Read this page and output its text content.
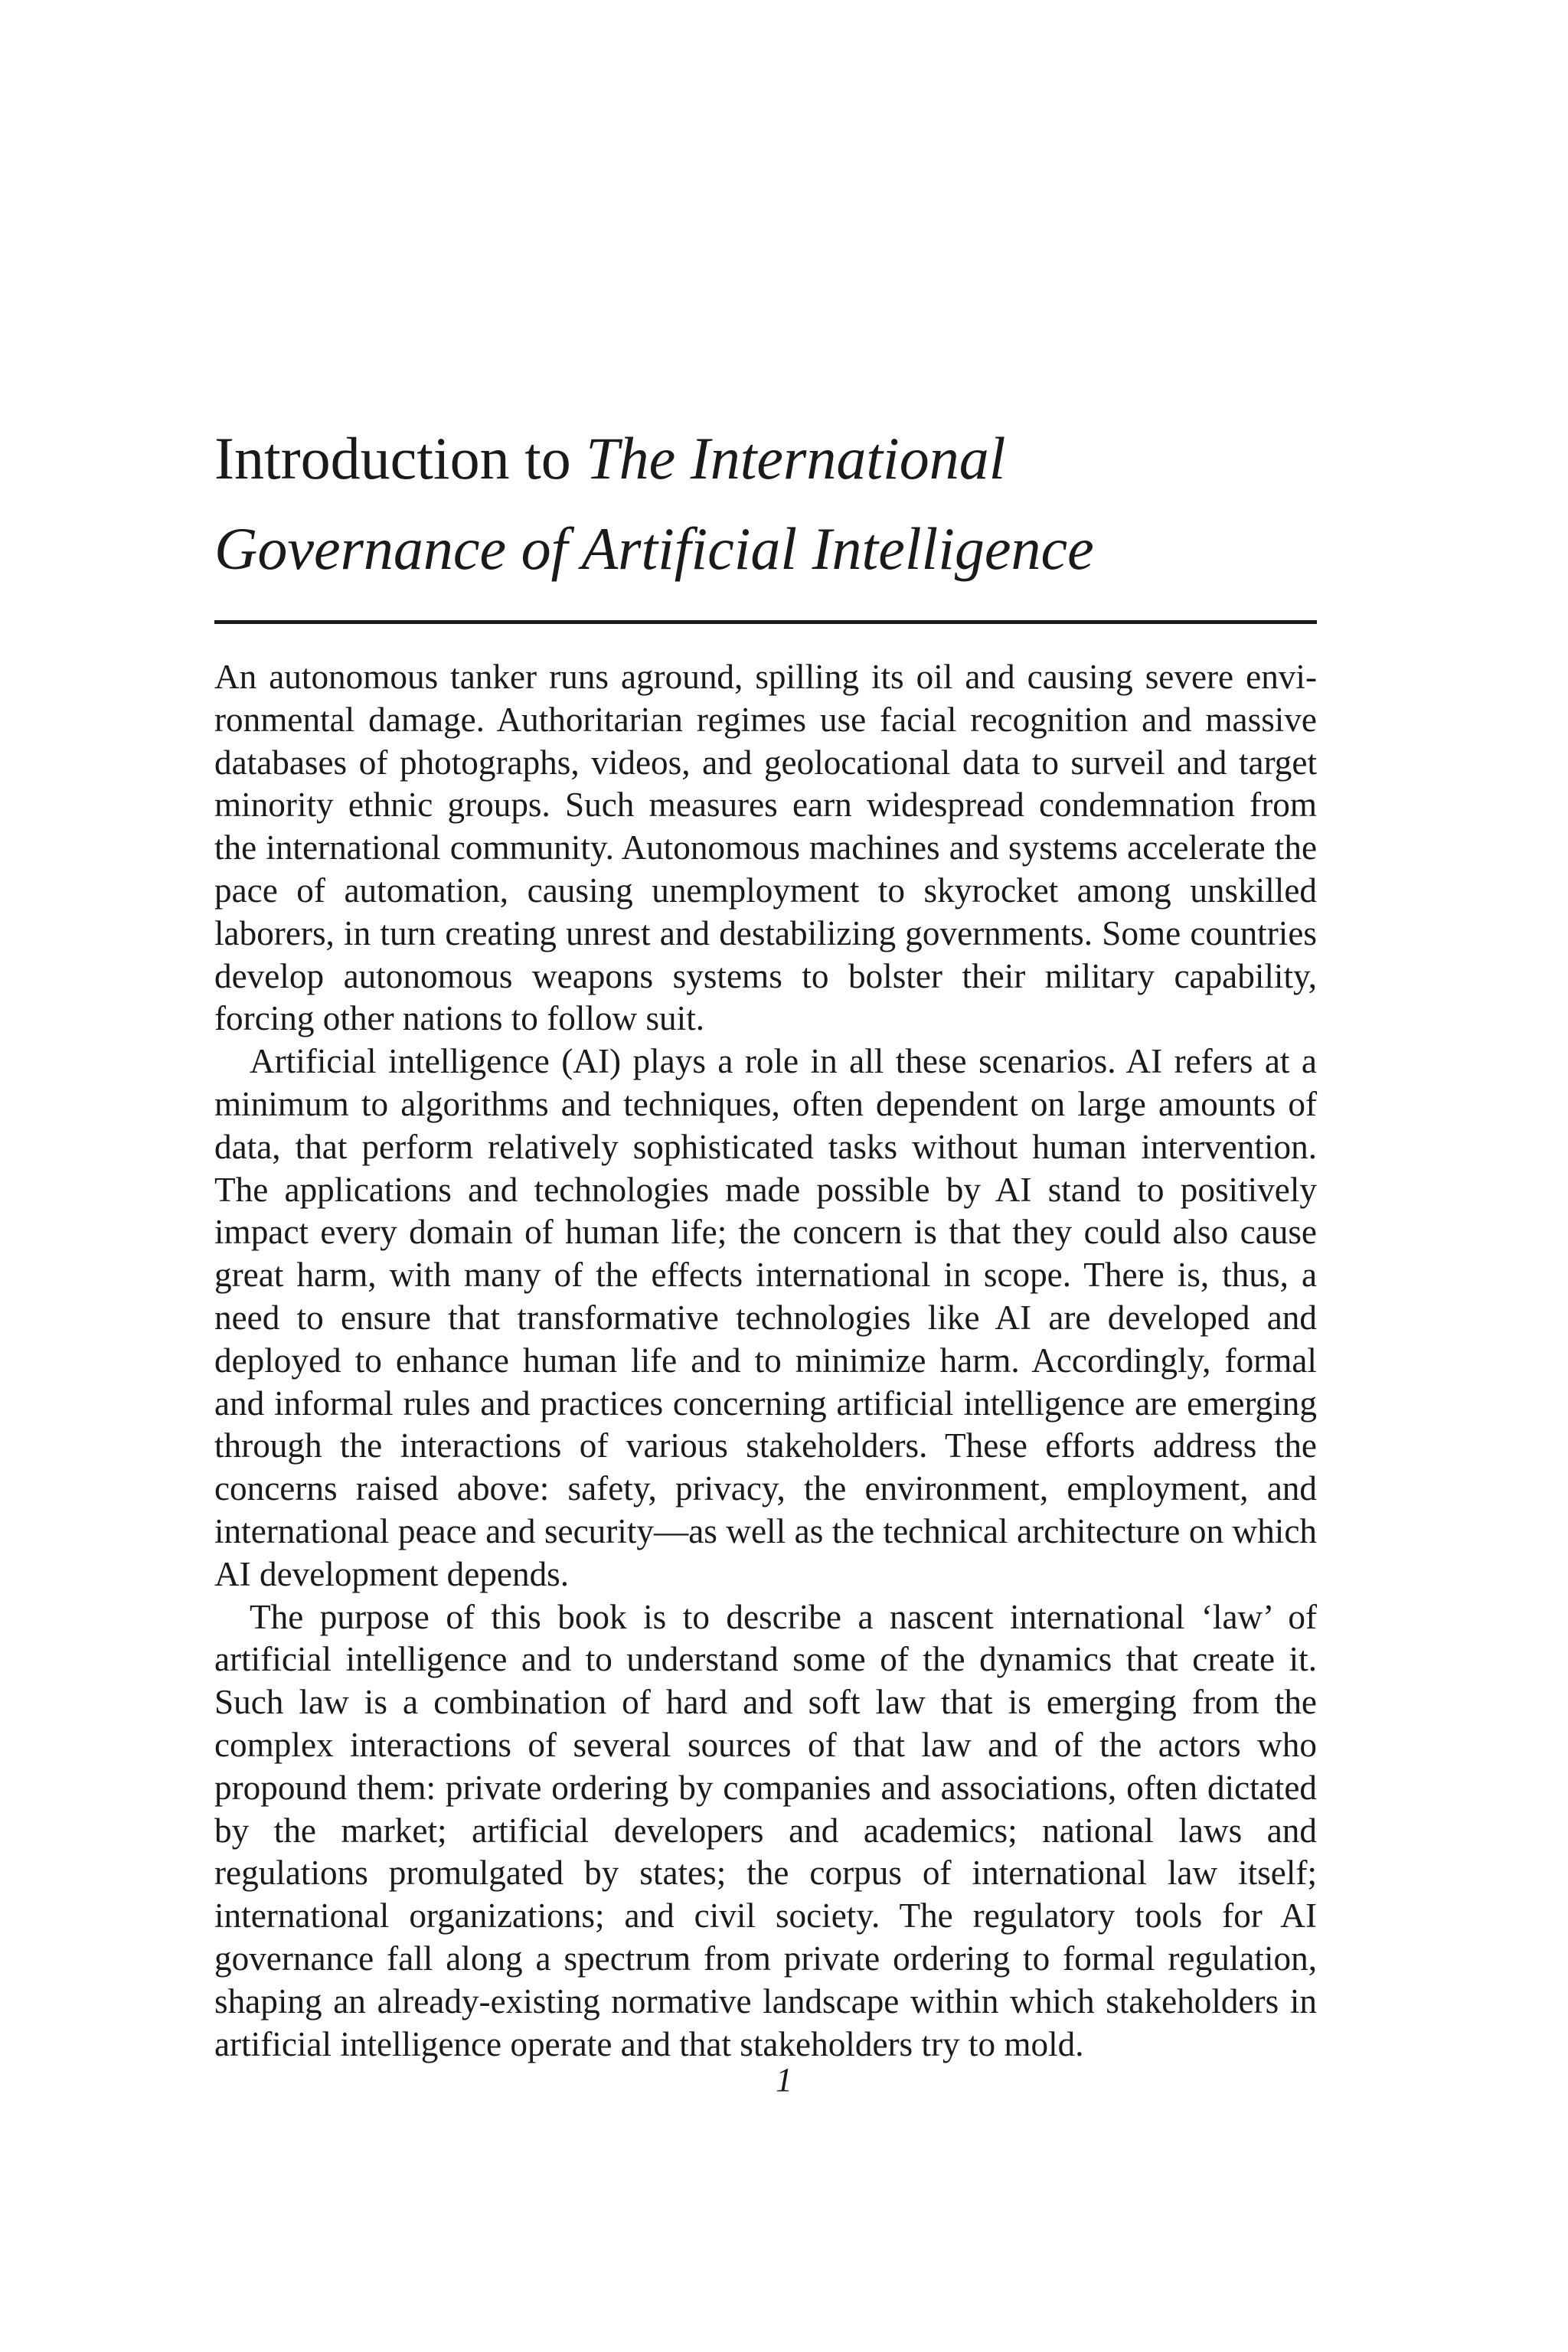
Introduction to The International
Governance of Artificial Intelligence

An autonomous tanker runs aground, spilling its oil and causing severe environmental damage. Authoritarian regimes use facial recognition and massive databases of photographs, videos, and geolocational data to surveil and target minority ethnic groups. Such measures earn widespread condemnation from the international community. Autonomous machines and systems accelerate the pace of automation, causing unemployment to skyrocket among unskilled laborers, in turn creating unrest and destabilizing governments. Some countries develop autonomous weapons systems to bolster their military capability, forcing other nations to follow suit.

Artificial intelligence (AI) plays a role in all these scenarios. AI refers at a minimum to algorithms and techniques, often dependent on large amounts of data, that perform relatively sophisticated tasks without human intervention. The applications and technologies made possible by AI stand to positively impact every domain of human life; the concern is that they could also cause great harm, with many of the effects international in scope. There is, thus, a need to ensure that transformative technologies like AI are developed and deployed to enhance human life and to minimize harm. Accordingly, formal and informal rules and practices concerning artificial intelligence are emerging through the interactions of various stakeholders. These efforts address the concerns raised above: safety, privacy, the environment, employment, and international peace and security—as well as the technical architecture on which AI development depends.

The purpose of this book is to describe a nascent international ‘law’ of artificial intelligence and to understand some of the dynamics that create it. Such law is a combination of hard and soft law that is emerging from the complex interactions of several sources of that law and of the actors who propound them: private ordering by companies and associations, often dictated by the market; artificial developers and academics; national laws and regulations promulgated by states; the corpus of international law itself; international organizations; and civil society. The regulatory tools for AI governance fall along a spectrum from private ordering to formal regulation, shaping an already-existing normative landscape within which stakeholders in artificial intelligence operate and that stakeholders try to mold.

1
